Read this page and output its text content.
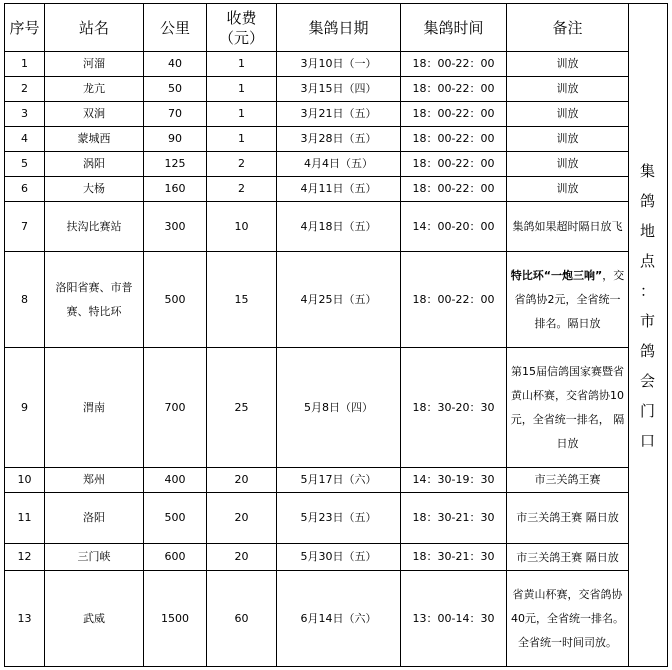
序号	站名	公里	收费（元）	集鸽日期	集鸽时间	备注
1	河溜	40	1	3月10日（一）	18：00-22：00	训放
2	龙亢	50	1	3月15日（四）	18：00-22：00	训放
3	双涧	70	1	3月21日（五）	18：00-22：00	训放
4	蒙城西	90	1	3月28日（五）	18：00-22：00	训放
5	涡阳	125	2	4月4日（五）	18：00-22：00	训放
6	大杨	160	2	4月11日（五）	18：00-22：00	训放
7	扶沟比赛站	300	10	4月18日（五）	14：00-20：00	集鸽如果超时隔日放飞
8	洛阳省赛、市普赛、特比环	500	15	4月25日（五）	18：00-22：00	特比环“一炮三响”，交省鸽协2元，全省统一排名。隔日放
9	渭南	700	25	5月8日（四）	18：30-20：30	第15届信鸽国家赛暨省黄山杯赛，交省鸽协10元，全省统一排名， 隔日放
10	郑州	400	20	5月17日（六）	14：30-19：30	市三关鸽王赛
11	洛阳	500	20	5月23日（五）	18：30-21：30	市三关鸽王赛 隔日放
12	三门峡	600	20	5月30日（五）	18：30-21：30	市三关鸽王赛 隔日放
13	武威	1500	60	6月14日（六）	13：00-14：30	省黄山杯赛，交省鸽协40元，全省统一排名。全省统一时间司放。
集
鸽
地
点
：
市
鸽
会
门
口
